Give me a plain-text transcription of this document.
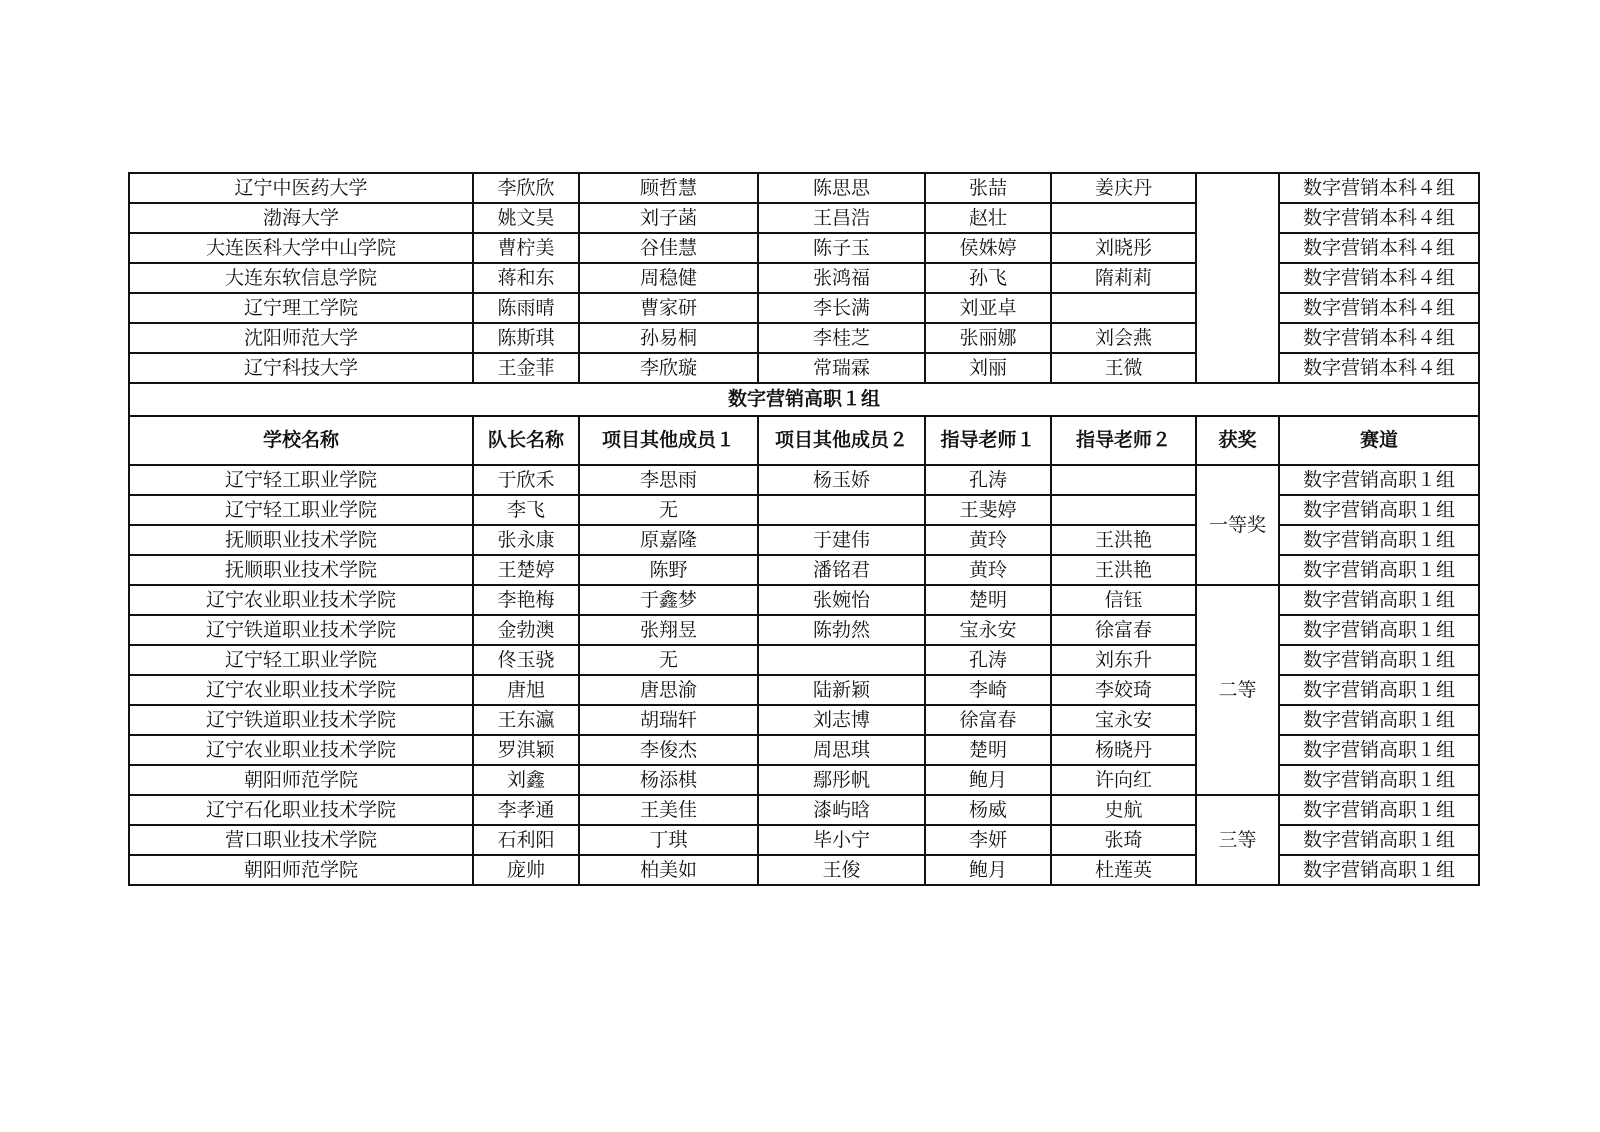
辽宁中医药大学	李欣欣	顾哲慧	陈思思	张喆	姜庆丹		数字营销本科４组
渤海大学	姚文昊	刘子菡	王昌浩	赵壮			数字营销本科４组
大连医科大学中山学院	曹柠美	谷佳慧	陈子玉	侯姝婷	刘晓彤		数字营销本科４组
大连东软信息学院	蒋和东	周稳健	张鸿福	孙飞	隋莉莉		数字营销本科４组
辽宁理工学院	陈雨晴	曹家研	李长满	刘亚卓			数字营销本科４组
沈阳师范大学	陈斯琪	孙易桐	李桂芝	张丽娜	刘会燕		数字营销本科４组
辽宁科技大学	王金菲	李欣璇	常瑞霖	刘丽	王微		数字营销本科４组
数字营销高职１组							
学校名称	队长名称	项目其他成员１	项目其他成员２	指导老师１	指导老师２	获奖	赛道
辽宁轻工职业学院	于欣禾	李思雨	杨玉娇	孔涛		一等奖	数字营销高职１组
辽宁轻工职业学院	李飞	无		王斐婷			数字营销高职１组
抚顺职业技术学院	张永康	原嘉隆	于建伟	黄玲	王洪艳		数字营销高职１组
抚顺职业技术学院	王楚婷	陈野	潘铭君	黄玲	王洪艳		数字营销高职１组
辽宁农业职业技术学院	李艳梅	于鑫梦	张婉怡	楚明	信钰	二等	数字营销高职１组
辽宁铁道职业技术学院	金勃澳	张翔昱	陈勃然	宝永安	徐富春		数字营销高职１组
辽宁轻工职业学院	佟玉骁	无		孔涛	刘东升		数字营销高职１组
辽宁农业职业技术学院	唐旭	唐思渝	陆新颖	李崎	李姣琦		数字营销高职１组
辽宁铁道职业技术学院	王东瀛	胡瑞轩	刘志博	徐富春	宝永安		数字营销高职１组
辽宁农业职业技术学院	罗淇颖	李俊杰	周思琪	楚明	杨晓丹		数字营销高职１组
朝阳师范学院	刘鑫	杨添棋	鄢彤帆	鲍月	许向红		数字营销高职１组
辽宁石化职业技术学院	李孝通	王美佳	漆屿晗	杨威	史航	三等	数字营销高职１组
营口职业技术学院	石利阳	丁琪	毕小宁	李妍	张琦		数字营销高职１组
朝阳师范学院	庞帅	柏美如	王俊	鲍月	杜莲英		数字营销高职１组
